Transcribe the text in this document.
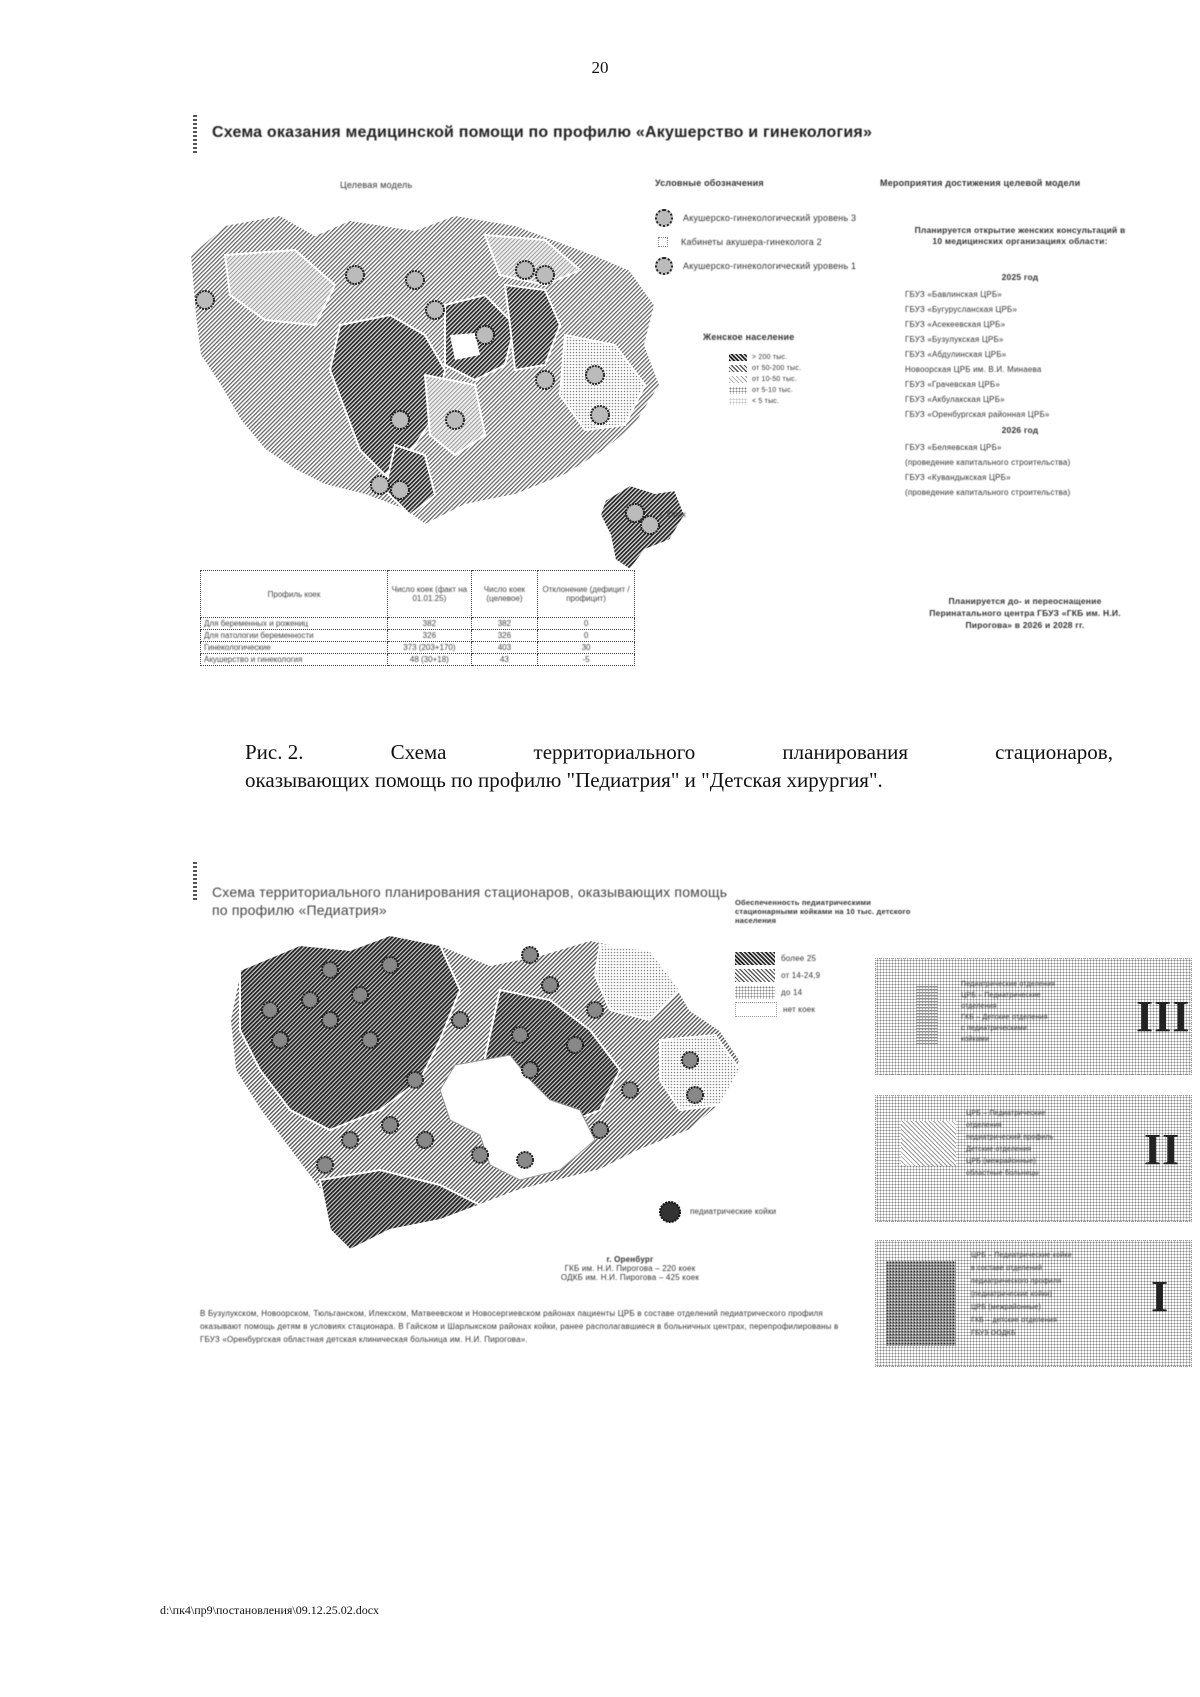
20
Схема оказания медицинской помощи по профилю «Акушерство и гинекология»
Целевая модель	Условные обозначения	Мероприятия достижения целевой модели
Акушерско-гинекологический уровень 3
Кабинеты акушера-гинеколога 2
Акушерско-гинекологический уровень 1
Женское население
> 200 тыс.
от 50-200 тыс.
от 10-50 тыс.
от 5-10 тыс.
< 5 тыс.
Планируется открытие женских консультаций в 10 медицинских организациях области:
2025 год
ГБУЗ «Бавлинская ЦРБ»
ГБУЗ «Бугурусланская ЦРБ»
ГБУЗ «Асекеевская ЦРБ»
ГБУЗ «Бузулукская ЦРБ»
ГБУЗ «Абдулинская ЦРБ»
Новоорская ЦРБ им. В.И. Минаева
ГБУЗ «Грачевская ЦРБ»
ГБУЗ «Акбулакская ЦРБ»
ГБУЗ «Оренбургская районная ЦРБ»
2026 год
ГБУЗ «Беляевская ЦРБ»
(проведение капитального строительства)
ГБУЗ «Кувандыкская ЦРБ»
(проведение капитального строительства)
г. Орск
Планируется до- и переоснащение Перинатального центра ГБУЗ «ГКБ им. Н.И. Пирогова» в 2026 и 2028 гг.
Профиль коек	Число коек (факт на 01.01.25)	Число коек (целевое)	Отклонение (дефицит / профицит)
Для беременных и рожениц	382	382	0
Для патологии беременности	326	326	0
Гинекологические	373 (203+170)	403	30
Акушерство и гинекология	48 (30+18)	43	-5
Рис. 2.	Схема	территориального	планирования	стационаров,
оказывающих помощь по профилю "Педиатрия" и "Детская хирургия".
Схема территориального планирования стационаров, оказывающих помощь
по профилю «Педиатрия»	Обеспеченность педиатрическими стационарными койками на 10 тыс. детского населения
более 25
от 14-24,9
до 14
нет коек
педиатрические койки
г. Оренбург
ГКБ им. Н.И. Пирогова – 220 коек
ОДКБ им. Н.И. Пирогова – 425 коек
В Бузулукском, Новоорском, Тюльганском, Илекском, Матвеевском и Новосергиевском районах пациенты ЦРБ в составе отделений педиатрического профиля оказывают помощь детям в условиях стационара. В Гайском и Шарлыкском районах койки, ранее располагавшиеся в больничных центрах, перепрофилированы в ГБУЗ «Оренбургская областная детская клиническая больница им. Н.И. Пирогова».
Педиатрические отделения
ЦРБ – Педиатрические
отделения
ГКБ – Детские отделения
с педиатрическими
койками	III
ЦРБ – Педиатрические
отделения
педиатрический профиль
Детские отделения
ЦРБ (межрайонные)
областные больницы	II
ЦРБ – Педиатрические койки
в составе отделений
педиатрического профиля
(педиатрические койки)
ЦРБ (межрайонные)
ГКБ – детские отделения
ГБУЗ ООДКБ
I
d:\пк4\пр9\постановления\09.12.25.02.docx
